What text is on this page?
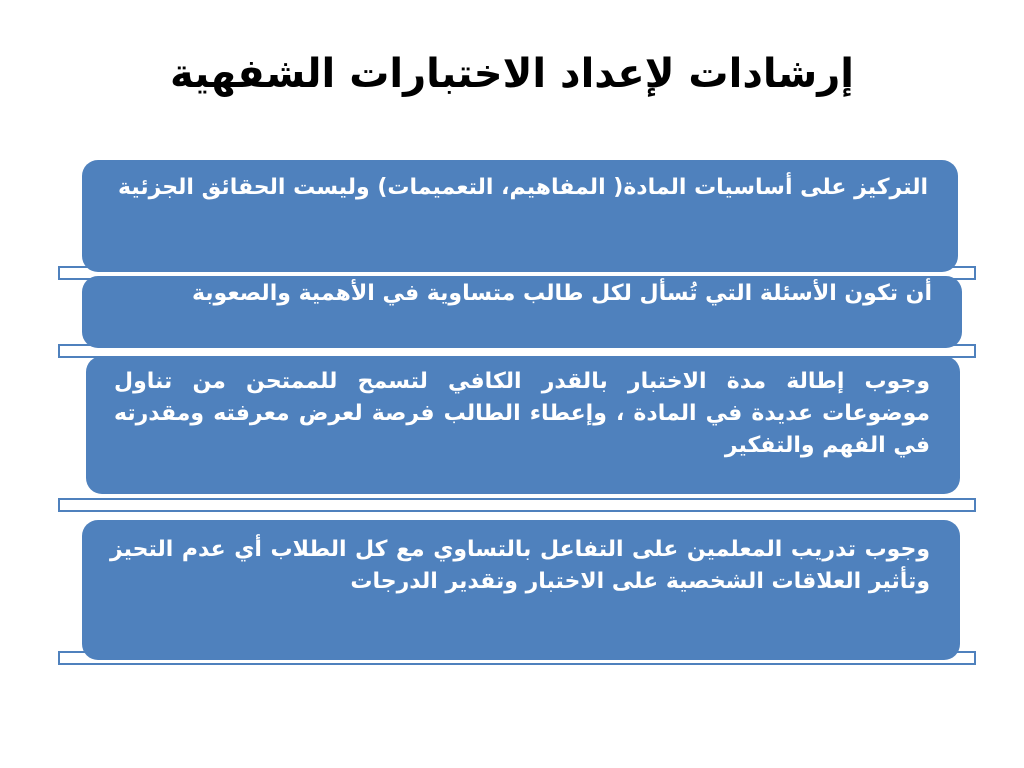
إرشادات لإعداد الاختبارات الشفهية

التركيز على أساسيات المادة( المفاهيم، التعميمات) وليست الحقائق الجزئية

أن تكون الأسئلة التي تُسأل لكل طالب متساوية في الأهمية والصعوبة

وجوب إطالة مدة الاختبار بالقدر الكافي لتسمح للممتحن من تناول موضوعات عديدة في المادة ، وإعطاء الطالب فرصة لعرض معرفته ومقدرته في الفهم والتفكير

وجوب تدريب المعلمين على التفاعل بالتساوي مع كل الطلاب أي عدم التحيز وتأثير العلاقات الشخصية على الاختبار وتقدير الدرجات
